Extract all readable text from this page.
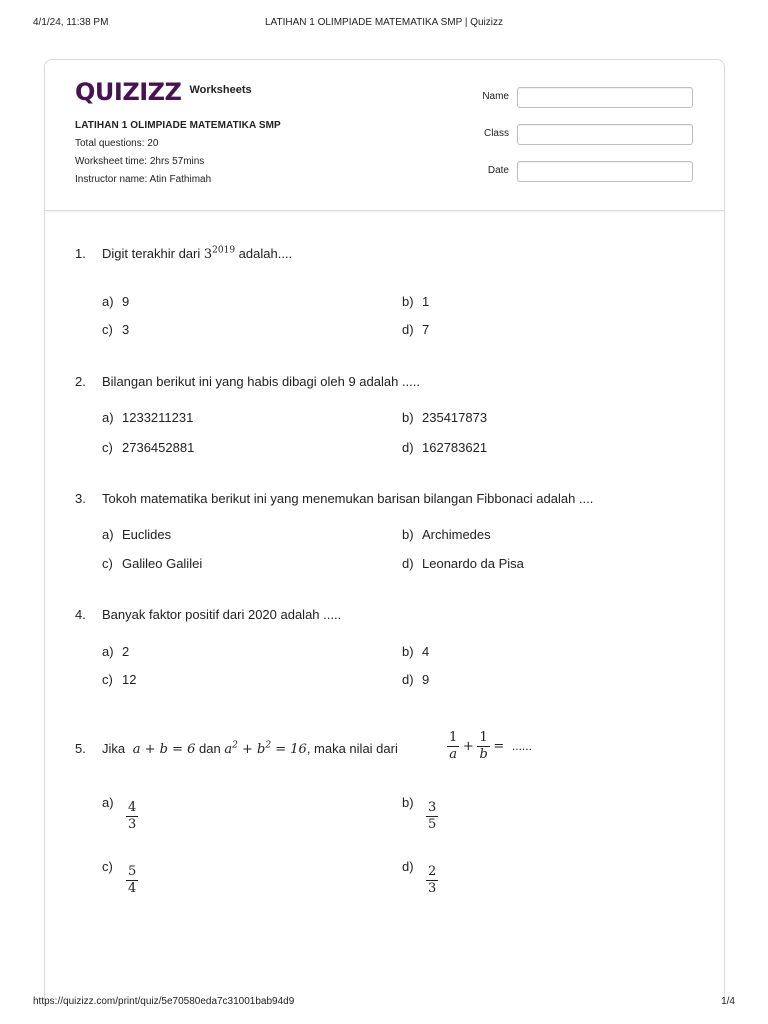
4/1/24, 11:38 PM	LATIHAN 1 OLIMPIADE MATEMATIKA SMP | Quizizz
QUIZIZZ Worksheets
LATIHAN 1 OLIMPIADE MATEMATIKA SMP
Total questions: 20
Worksheet time: 2hrs 57mins
Instructor name: Atin Fathimah
Name
Class
Date
1.	Digit terakhir dari $3^{2019}$ adalah....
a) 9	b) 1
c) 3	d) 7
2.	Bilangan berikut ini yang habis dibagi oleh 9 adalah .....
a) 1233211231	b) 235417873
c) 2736452881	d) 162783621
3.	Tokoh matematika berikut ini yang menemukan barisan bilangan Fibbonaci adalah ....
a) Euclides	b) Archimedes
c) Galileo Galilei	d) Leonardo da Pisa
4.	Banyak faktor positif dari 2020 adalah .....
a) 2	b) 4
c) 12	d) 9
5.	Jika a + b = 6 dan $a^2 + b^2 = 16$, maka nilai dari	$\frac{1}{a} + \frac{1}{b}$ = ......
$a) \frac{4}{3}$	$b) \frac{3}{5}$
$c) \frac{5}{4}$	$d) \frac{2}{3}$
https://quizizz.com/print/quiz/5e70580eda7c31001bab94d9	1/4
